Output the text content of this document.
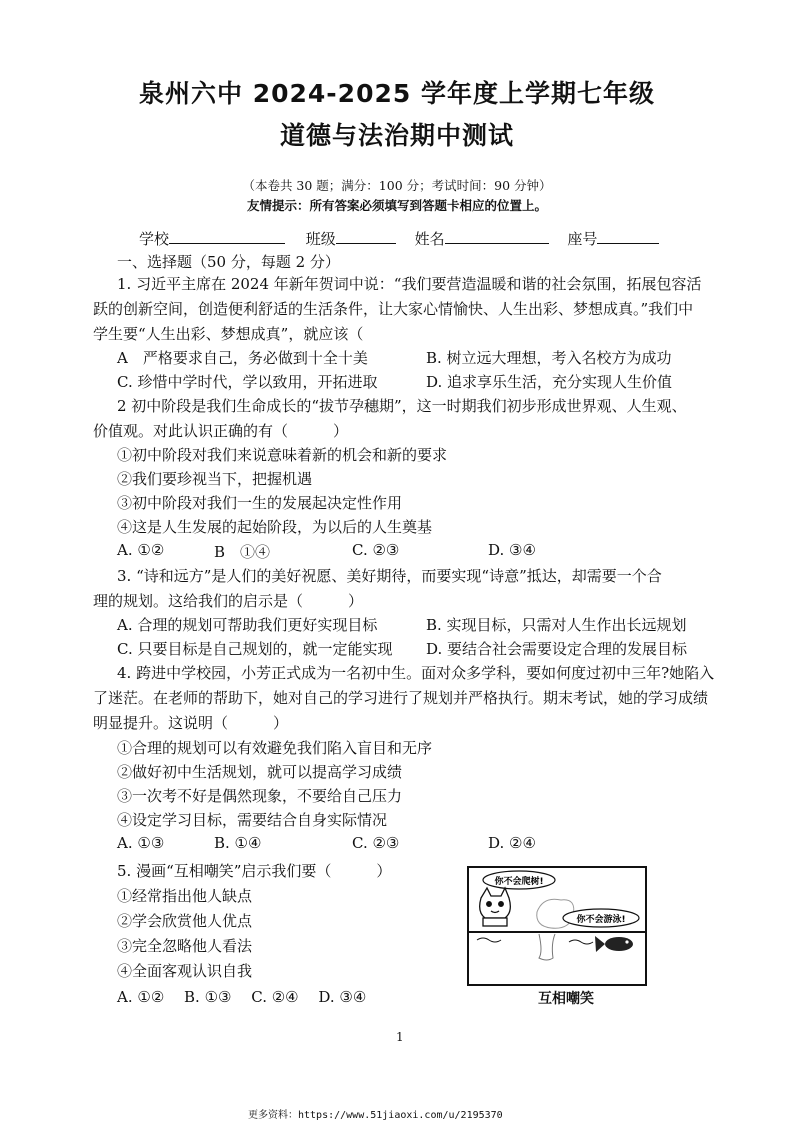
泉州六中 2024-2025 学年度上学期七年级
道德与法治期中测试
（本卷共 30 题；满分：100 分；考试时间：90 分钟）
友情提示：所有答案必须填写到答题卡相应的位置上。
学校	班级	姓名	座号
一、选择题（50 分，每题 2 分）
1. 习近平主席在 2024 年新年贺词中说：“我们要营造温暖和谐的社会氛围，拓展包容活
跃的创新空间，创造便利舒适的生活条件，让大家心情愉快、人生出彩、梦想成真。”我们中
学生要“人生出彩、梦想成真”，就应该（
A　严格要求自己，务必做到十全十美	B. 树立远大理想，考入名校方为成功
C. 珍惜中学时代，学以致用，开拓进取	D. 追求享乐生活，充分实现人生价值
2 初中阶段是我们生命成长的“拔节孕穗期”，这一时期我们初步形成世界观、人生观、
价值观。对此认识正确的有（　　　）
①初中阶段对我们来说意味着新的机会和新的要求
②我们要珍视当下，把握机遇
③初中阶段对我们一生的发展起决定性作用
④这是人生发展的起始阶段，为以后的人生奠基
A. ①②	B　①④	C. ②③	D. ③④
3. “诗和远方”是人们的美好祝愿、美好期待，而要实现“诗意”抵达，却需要一个合
理的规划。这给我们的启示是（　　　）
A. 合理的规划可帮助我们更好实现目标	B. 实现目标，只需对人生作出长远规划
C. 只要目标是自己规划的，就一定能实现 D. 要结合社会需要设定合理的发展目标
4. 跨进中学校园，小芳正式成为一名初中生。面对众多学科，要如何度过初中三年?她陷入
了迷茫。在老师的帮助下，她对自己的学习进行了规划并严格执行。期末考试，她的学习成绩
明显提升。这说明（　　　）
①合理的规划可以有效避免我们陷入盲目和无序
②做好初中生活规划，就可以提高学习成绩
③一次考不好是偶然现象，不要给自己压力
④设定学习目标，需要结合自身实际情况
A. ①③	B. ①④	C. ②③	D. ②④
5. 漫画“互相嘲笑”启示我们要（　　　）
①经常指出他人缺点
②学会欣赏他人优点
③完全忽略他人看法
④全面客观认识自我
A. ①②　 B. ①③　 C. ②④　 D. ③④
你不会爬树!
你不会游泳!
互相嘲笑
1
更多资料：https://www.51jiaoxi.com/u/2195370
